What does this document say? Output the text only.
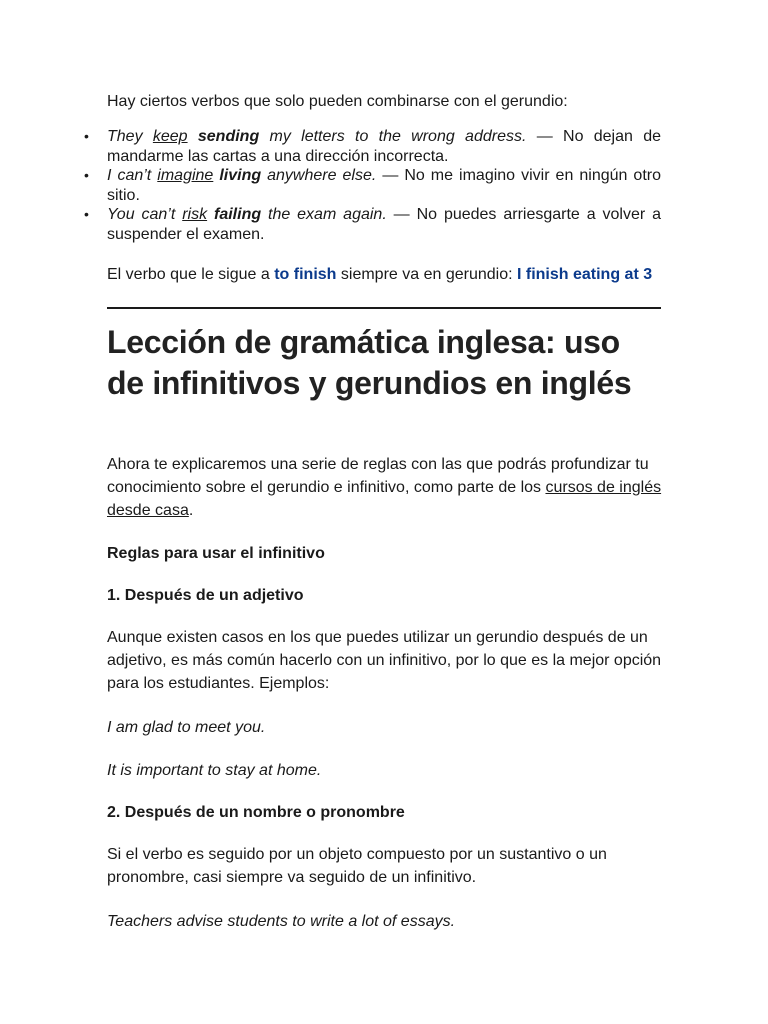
Hay ciertos verbos que solo pueden combinarse con el gerundio:

• They keep sending my letters to the wrong address. — No dejan de mandarme las cartas a una dirección incorrecta.
• I can’t imagine living anywhere else. — No me imagino vivir en ningún otro sitio.
• You can’t risk failing the exam again. — No puedes arriesgarte a volver a suspender el examen.

El verbo que le sigue a to finish siempre va en gerundio: I finish eating at 3

Lección de gramática inglesa: uso de infinitivos y gerundios en inglés

Ahora te explicaremos una serie de reglas con las que podrás profundizar tu conocimiento sobre el gerundio e infinitivo, como parte de los cursos de inglés desde casa.

Reglas para usar el infinitivo

1. Después de un adjetivo

Aunque existen casos en los que puedes utilizar un gerundio después de un adjetivo, es más común hacerlo con un infinitivo, por lo que es la mejor opción para los estudiantes. Ejemplos:

I am glad to meet you.

It is important to stay at home.

2. Después de un nombre o pronombre

Si el verbo es seguido por un objeto compuesto por un sustantivo o un pronombre, casi siempre va seguido de un infinitivo.

Teachers advise students to write a lot of essays.
